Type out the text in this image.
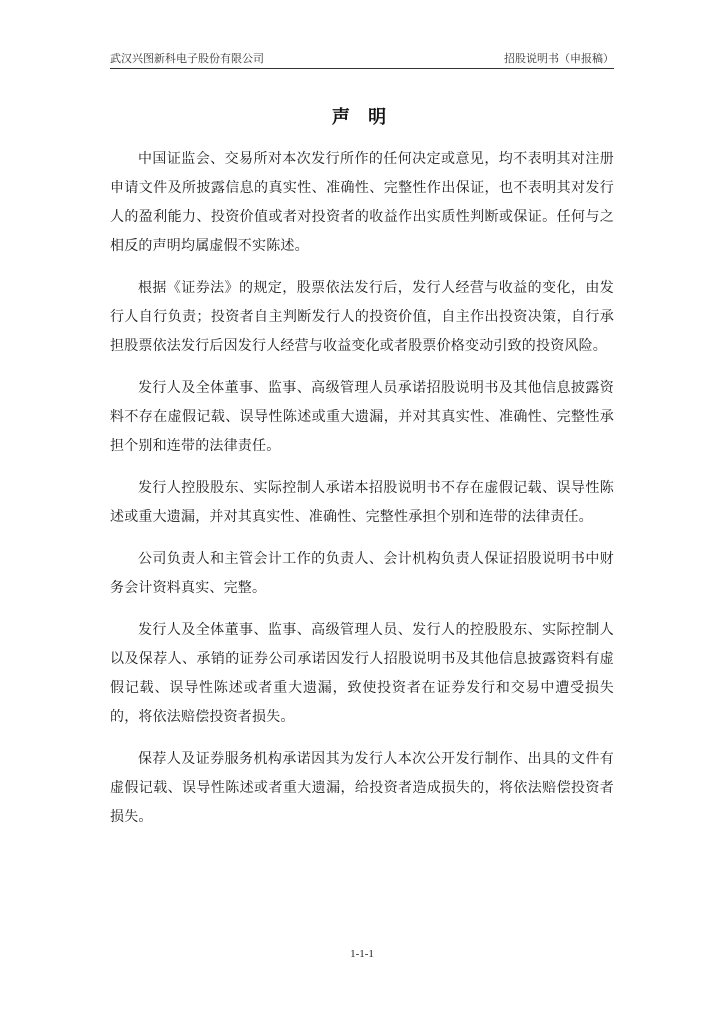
武汉兴图新科电子股份有限公司	招股说明书（申报稿）
声 明

中国证监会、交易所对本次发行所作的任何决定或意见，均不表明其对注册申请文件及所披露信息的真实性、准确性、完整性作出保证，也不表明其对发行人的盈利能力、投资价值或者对投资者的收益作出实质性判断或保证。任何与之相反的声明均属虚假不实陈述。

根据《证券法》的规定，股票依法发行后，发行人经营与收益的变化，由发行人自行负责；投资者自主判断发行人的投资价值，自主作出投资决策，自行承担股票依法发行后因发行人经营与收益变化或者股票价格变动引致的投资风险。

发行人及全体董事、监事、高级管理人员承诺招股说明书及其他信息披露资料不存在虚假记载、误导性陈述或重大遗漏，并对其真实性、准确性、完整性承担个别和连带的法律责任。

发行人控股股东、实际控制人承诺本招股说明书不存在虚假记载、误导性陈述或重大遗漏，并对其真实性、准确性、完整性承担个别和连带的法律责任。

公司负责人和主管会计工作的负责人、会计机构负责人保证招股说明书中财务会计资料真实、完整。

发行人及全体董事、监事、高级管理人员、发行人的控股股东、实际控制人以及保荐人、承销的证券公司承诺因发行人招股说明书及其他信息披露资料有虚假记载、误导性陈述或者重大遗漏，致使投资者在证券发行和交易中遭受损失的，将依法赔偿投资者损失。

保荐人及证券服务机构承诺因其为发行人本次公开发行制作、出具的文件有虚假记载、误导性陈述或者重大遗漏，给投资者造成损失的，将依法赔偿投资者损失。

1-1-1
